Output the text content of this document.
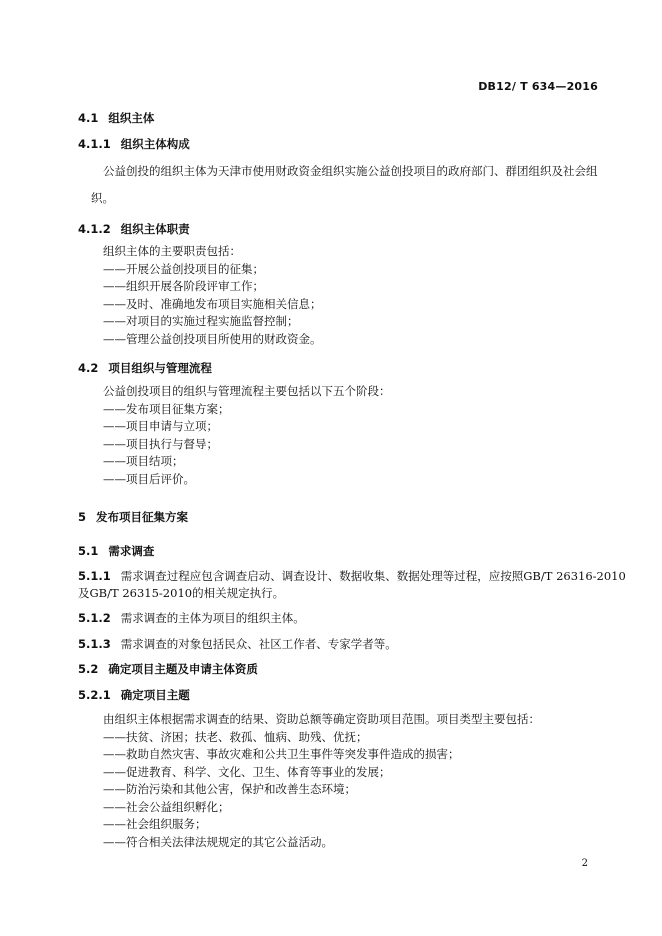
DB12/ T 634—2016
4.1 组织主体
4.1.1 组织主体构成
公益创投的组织主体为天津市使用财政资金组织实施公益创投项目的政府部门、群团组织及社会组
织。
4.1.2 组织主体职责
组织主体的主要职责包括：
——开展公益创投项目的征集；
——组织开展各阶段评审工作；
——及时、准确地发布项目实施相关信息；
——对项目的实施过程实施监督控制；
——管理公益创投项目所使用的财政资金。
4.2 项目组织与管理流程
公益创投项目的组织与管理流程主要包括以下五个阶段：
——发布项目征集方案；
——项目申请与立项；
——项目执行与督导；
——项目结项；
——项目后评价。
5 发布项目征集方案
5.1 需求调查
5.1.1 需求调查过程应包含调查启动、调查设计、数据收集、数据处理等过程，应按照GB/T 26316-2010
及GB/T 26315-2010的相关规定执行。
5.1.2 需求调查的主体为项目的组织主体。
5.1.3 需求调查的对象包括民众、社区工作者、专家学者等。
5.2 确定项目主题及申请主体资质
5.2.1 确定项目主题
由组织主体根据需求调查的结果、资助总额等确定资助项目范围。项目类型主要包括：
——扶贫、济困；扶老、救孤、恤病、助残、优抚；
——救助自然灾害、事故灾难和公共卫生事件等突发事件造成的损害；
——促进教育、科学、文化、卫生、体育等事业的发展；
——防治污染和其他公害，保护和改善生态环境；
——社会公益组织孵化；
——社会组织服务；
——符合相关法律法规规定的其它公益活动。
2
